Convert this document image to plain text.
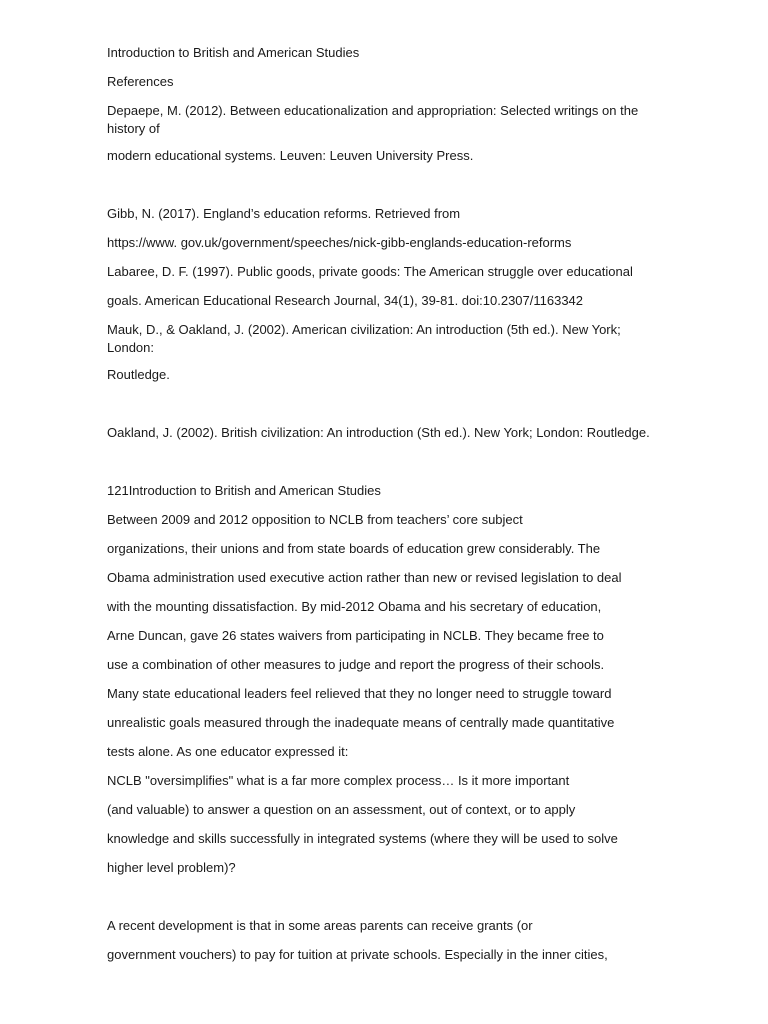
Introduction to British and American Studies
References
Depaepe, M. (2012). Between educationalization and appropriation: Selected writings on the history of
modern educational systems. Leuven: Leuven University Press.
Gibb, N. (2017). England’s education reforms. Retrieved from
https://www. gov.uk/government/speeches/nick-gibb-englands-education-reforms
Labaree, D. F. (1997). Public goods, private goods: The American struggle over educational
goals. American Educational Research Journal, 34(1), 39-81. doi:10.2307/1163342
Mauk, D., & Oakland, J. (2002). American civilization: An introduction (5th ed.). New York; London:
Routledge.
Oakland, J. (2002). British civilization: An introduction (Sth ed.). New York; London: Routledge.
121Introduction to British and American Studies
Between 2009 and 2012 opposition to NCLB from teachers’ core subject
organizations, their unions and from state boards of education grew considerably. The
Obama administration used executive action rather than new or revised legislation to deal
with the mounting dissatisfaction. By mid-2012 Obama and his secretary of education,
Arne Duncan, gave 26 states waivers from participating in NCLB. They became free to
use a combination of other measures to judge and report the progress of their schools.
Many state educational leaders feel relieved that they no longer need to struggle toward
unrealistic goals measured through the inadequate means of centrally made quantitative
tests alone. As one educator expressed it:
NCLB "oversimplifies" what is a far more complex process… Is it more important
(and valuable) to answer a question on an assessment, out of context, or to apply
knowledge and skills successfully in integrated systems (where they will be used to solve
higher level problem)?
A recent development is that in some areas parents can receive grants (or
government vouchers) to pay for tuition at private schools. Especially in the inner cities,
